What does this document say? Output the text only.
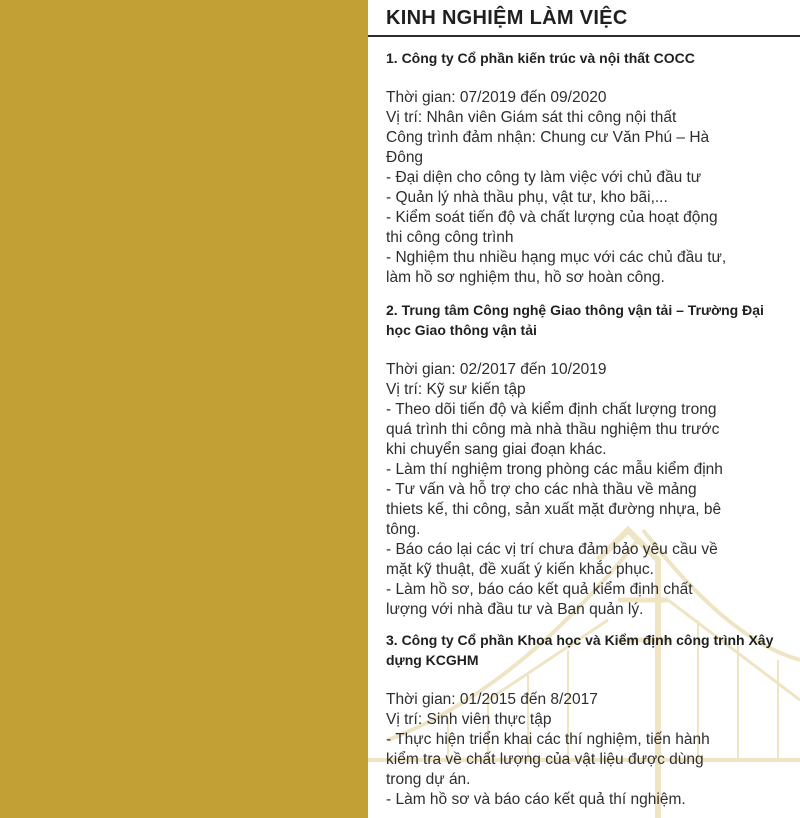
KINH NGHIỆM LÀM VIỆC

1. Công ty Cổ phần kiến trúc và nội thất COCC

Thời gian: 07/2019 đến 09/2020

Vị trí: Nhân viên Giám sát thi công nội thất

Công trình đảm nhận: Chung cư Văn Phú – Hà

Đông

- Đại diện cho công ty làm việc với chủ đầu tư

- Quản lý nhà thầu phụ, vật tư, kho bãi,...

- Kiểm soát tiến độ và chất lượng của hoạt động

thi công công trình

- Nghiệm thu nhiều hạng mục với các chủ đầu tư,

làm hồ sơ nghiệm thu, hồ sơ hoàn công.

2. Trung tâm Công nghệ Giao thông vận tải – Trường Đại học Giao thông vận tải

Thời gian: 02/2017 đến 10/2019

Vị trí: Kỹ sư kiến tập

- Theo dõi tiến độ và kiểm định chất lượng trong

quá trình thi công mà nhà thầu nghiệm thu trước

khi chuyển sang giai đoạn khác.

- Làm thí nghiệm trong phòng các mẫu kiểm định

- Tư vấn và hỗ trợ cho các nhà thầu về mảng

thiets kế, thi công, sản xuất mặt đường nhựa, bê

tông.

- Báo cáo lại các vị trí chưa đảm bảo yêu cầu về

mặt kỹ thuật, đề xuất ý kiến khắc phục.

- Làm hồ sơ, báo cáo kết quả kiểm định chất

lượng với nhà đầu tư và Ban quản lý.

3. Công ty Cổ phần Khoa học và Kiểm định công trình Xây dựng KCGHM

Thời gian: 01/2015 đến 8/2017

Vị trí: Sinh viên thực tập

- Thực hiện triển khai các thí nghiệm, tiến hành

kiểm tra về chất lượng của vật liệu được dùng

trong dự án.

- Làm hồ sơ và báo cáo kết quả thí nghiệm.
